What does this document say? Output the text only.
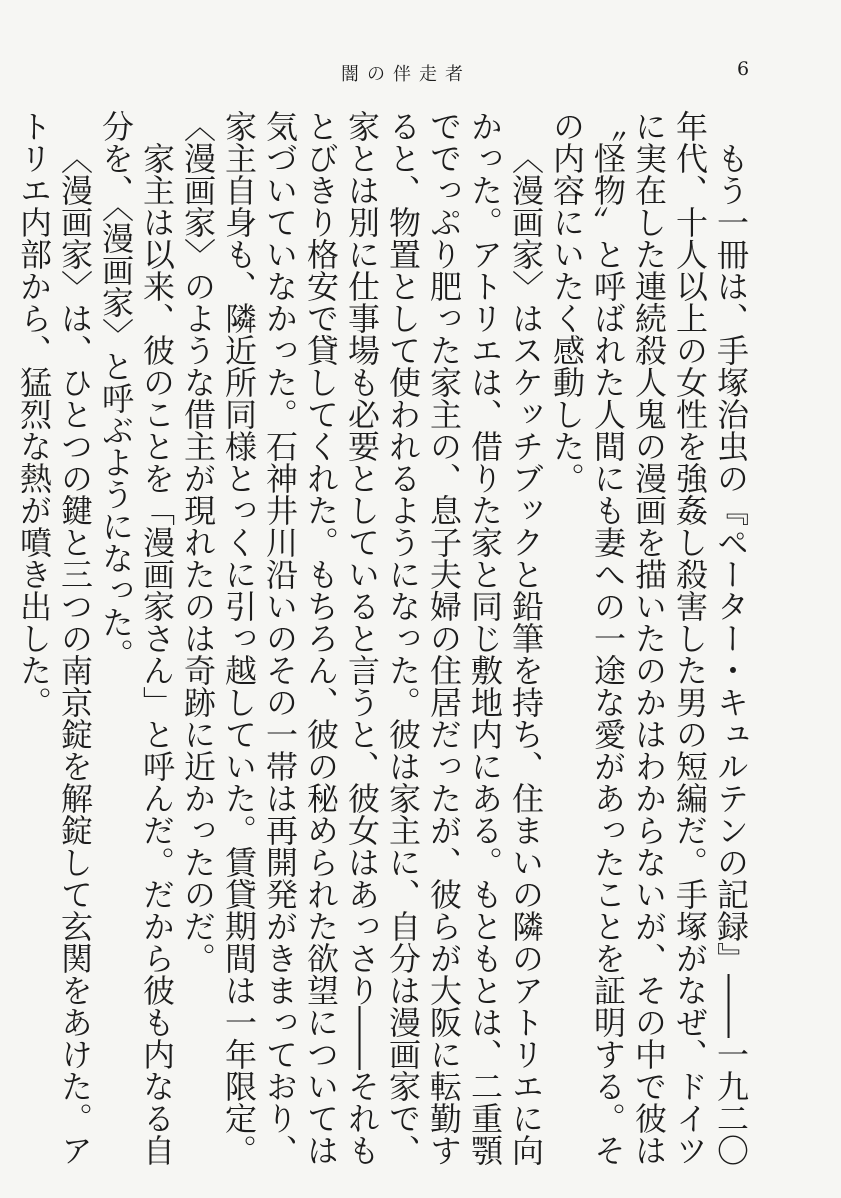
闇の伴走者	6

もう一冊は、手塚治虫の『ペーター・キュルテンの記録』――一九二〇年代、十人以上の女性を強姦し殺害した男の短編だ。手塚がなぜ、ドイツに実在した連続殺人鬼の漫画を描いたのかはわからないが、その中で彼は〝怪物〟と呼ばれた人間にも妻への一途な愛があったことを証明する。その内容にいたく感動した。

〈漫画家〉はスケッチブックと鉛筆を持ち、住まいの隣のアトリエに向かった。アトリエは、借りた家と同じ敷地内にある。もともとは、二重顎ででっぷり肥った家主の、息子夫婦の住居だったが、彼らが大阪に転勤すると、物置として使われるようになった。彼は家主に、自分は漫画家で、家とは別に仕事場も必要としていると言うと、彼女はあっさり――それもとびきり格安で貸してくれた。もちろん、彼の秘められた欲望については気づいていなかった。石神井川沿いのその一帯は再開発がきまっており、家主自身も、隣近所同様とっくに引っ越していた。賃貸期間は一年限定。〈漫画家〉のような借主が現れたのは奇跡に近かったのだ。

家主は以来、彼のことを「漫画家さん」と呼んだ。だから彼も内なる自分を、〈漫画家〉と呼ぶようになった。

〈漫画家〉は、ひとつの鍵と三つの南京錠を解錠して玄関をあけた。アトリエ内部から、猛烈な熱が噴き出した。
